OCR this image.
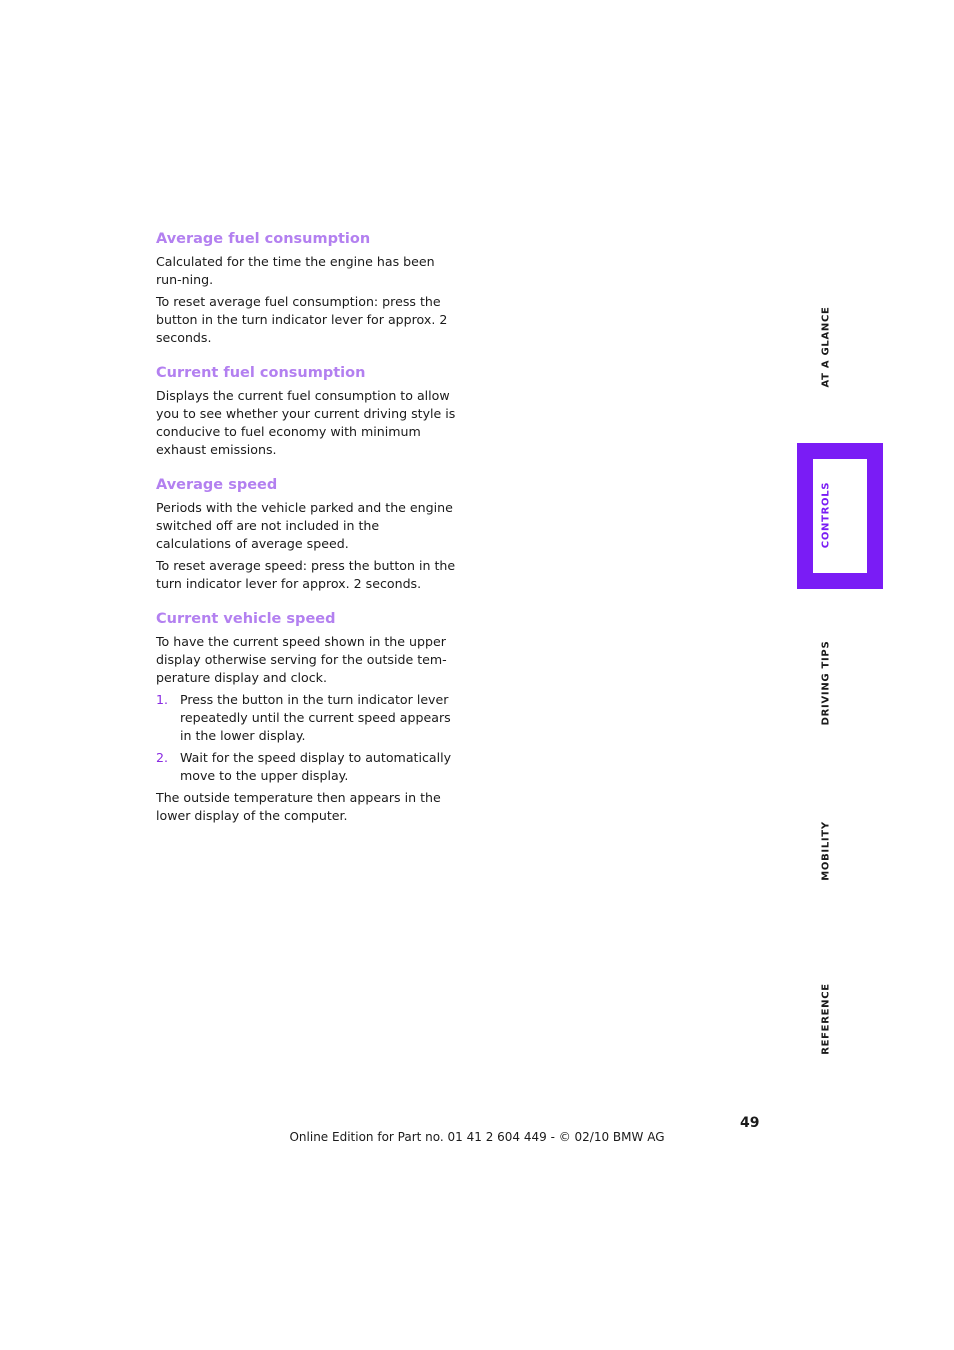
Average fuel consumption

Calculated for the time the engine has been run-ning.

To reset average fuel consumption: press the button in the turn indicator lever for approx. 2 seconds.

Current fuel consumption

Displays the current fuel consumption to allow you to see whether your current driving style is conducive to fuel economy with minimum exhaust emissions.

Average speed

Periods with the vehicle parked and the engine switched off are not included in the calculations of average speed.

To reset average speed: press the button in the turn indicator lever for approx. 2 seconds.

Current vehicle speed

To have the current speed shown in the upper display otherwise serving for the outside tem-perature display and clock.

1. Press the button in the turn indicator lever repeatedly until the current speed appears in the lower display.
2. Wait for the speed display to automatically move to the upper display.

The outside temperature then appears in the lower display of the computer.

AT A GLANCE
CONTROLS
DRIVING TIPS
MOBILITY
REFERENCE
49
Online Edition for Part no. 01 41 2 604 449 - © 02/10 BMW AG
